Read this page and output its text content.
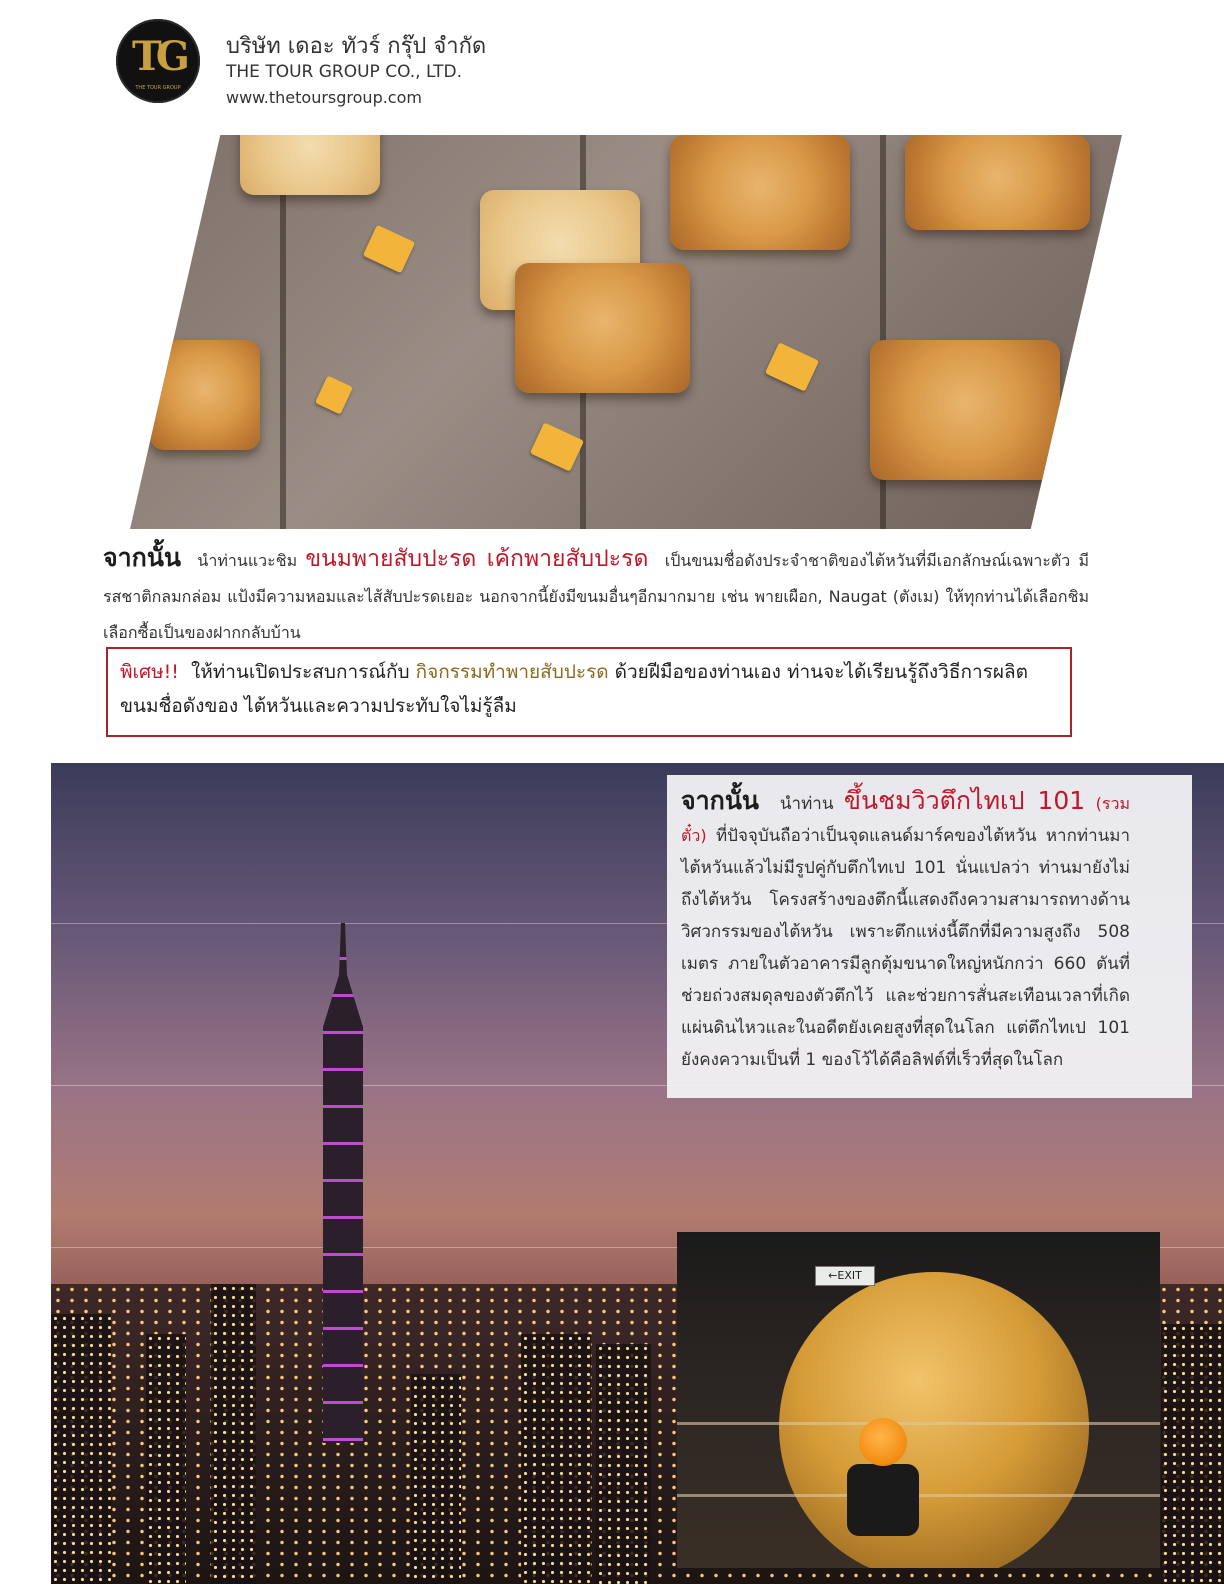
TG
THE TOUR GROUP
บริษัท เดอะ ทัวร์ กรุ๊ป จำกัด
THE TOUR GROUP CO., LTD.
www.thetoursgroup.com
จากนั้น นำท่านแวะชิม ขนมพายสับปะรด เค้กพายสับปะรด เป็นขนมชื่อดังประจำชาติของไต้หวันที่มีเอกลักษณ์เฉพาะตัว มีรสชาติกลมกล่อม แป้งมีความหอมและไส้สับปะรดเยอะ นอกจากนี้ยังมีขนมอื่นๆอีกมากมาย เช่น พายเผือก, Naugat (ตังเม) ให้ทุกท่านได้เลือกชิมเลือกซื้อเป็นของฝากกลับบ้าน
พิเศษ!! ให้ท่านเปิดประสบการณ์กับ กิจกรรมทำพายสับปะรด ด้วยฝีมือของท่านเอง ท่านจะได้เรียนรู้ถึงวิธีการผลิตขนมชื่อดังของ ไต้หวันและความประทับใจไม่รู้ลืม
จากนั้น นำท่าน ขึ้นชมวิวตึกไทเป 101 (รวมตั๋ว) ที่ปัจจุบันถือว่าเป็นจุดแลนด์มาร์คของไต้หวัน หากท่านมาไต้หวันแล้วไม่มีรูปคู่กับตึกไทเป 101 นั่นแปลว่า ท่านมายังไม่ถึงไต้หวัน โครงสร้างของตึกนี้แสดงถึงความสามารถทางด้านวิศวกรรมของไต้หวัน เพราะตึกแห่งนี้ตึกที่มีความสูงถึง 508 เมตร ภายในตัวอาคารมีลูกตุ้มขนาดใหญ่หนักกว่า 660 ตันที่ช่วยถ่วงสมดุลของตัวตึกไว้ และช่วยการสั่นสะเทือนเวลาที่เกิดแผ่นดินไหวและในอดีตยังเคยสูงที่สุดในโลก แต่ตึกไทเป 101 ยังคงความเป็นที่ 1 ของโว้ได้คือลิฟต์ที่เร็วที่สุดในโลก
←EXIT
